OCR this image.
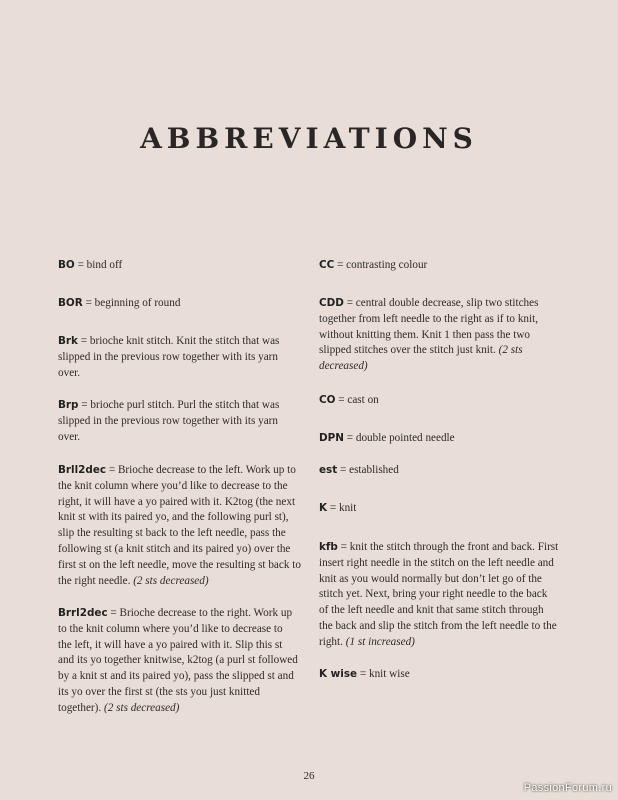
ABBREVIATIONS
BO = bind off
BOR = beginning of round
Brk = brioche knit stitch. Knit the stitch that was slipped in the previous row together with its yarn over.
Brp = brioche purl stitch. Purl the stitch that was slipped in the previous row together with its yarn over.
Brll2dec = Brioche decrease to the left. Work up to the knit column where you’d like to decrease to the right, it will have a yo paired with it. K2tog (the next knit st with its paired yo, and the following purl st), slip the resulting st back to the left needle, pass the following st (a knit stitch and its paired yo) over the first st on the left needle, move the resulting st back to the right needle. (2 sts decreased)
Brrl2dec = Brioche decrease to the right. Work up to the knit column where you’d like to decrease to the left, it will have a yo paired with it. Slip this st and its yo together knitwise, k2tog (a purl st followed by a knit st and its paired yo), pass the slipped st and its yo over the first st (the sts you just knitted together). (2 sts decreased)
CC = contrasting colour
CDD = central double decrease, slip two stitches together from left needle to the right as if to knit, without knitting them. Knit 1 then pass the two slipped stitches over the stitch just knit. (2 sts decreased)
CO = cast on
DPN = double pointed needle
est = established
K = knit
kfb = knit the stitch through the front and back. First insert right needle in the stitch on the left needle and knit as you would normally but don’t let go of the stitch yet. Next, bring your right needle to the back of the left needle and knit that same stitch through the back and slip the stitch from the left needle to the right. (1 st increased)
K wise = knit wise
26
PassionForum.ru
